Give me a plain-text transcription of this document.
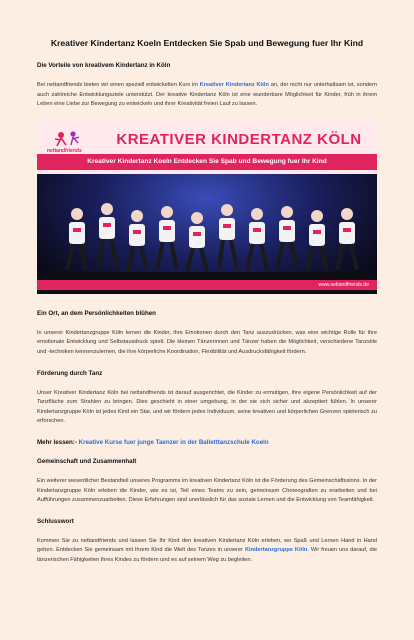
Kreativer Kindertanz Koeln Entdecken Sie Spab und Bewegung fuer Ihr Kind
Die Vorteile von kreativem Kindertanz in Köln

Bei nettandfriends bieten wir einen speziell entwickelten Kurs im Kreativer Kindertanz Köln an, der nicht nur unterhaltsam ist, sondern auch zahlreiche Entwicklungsziele unterstützt. Der kreative Kindertanz Köln ist eine wunderbare Möglichkeit für Kinder, früh in ihrem Leben eine Liebe zur Bewegung zu entwickeln und ihrer Kreativität freien Lauf zu lassen.

nettandfriends
KREATIVER KINDERTANZ KÖLN
Kreativer Kindertanz Koeln Entdecken Sie Spab und Bewegung fuer Ihr Kind
www.nettandfriends.de
Ein Ort, an dem Persönlichkeiten blühen

In unserer Kindertanzgruppe Köln lernen die Kinder, ihre Emotionen durch den Tanz auszudrücken, was eine wichtige Rolle für ihre emotionale Entwicklung und Selbstausdruck spielt. Die kleinen Tänzerinnen und Tänzer haben die Möglichkeit, verschiedene Tanzstile und -techniken kennenzulernen, die ihre körperliche Koordination, Flexibilität und Ausdrucksfähigkeit fördern.

Förderung durch Tanz

Unser Kreativer Kindertanz Köln bei nettandfriends ist darauf ausgerichtet, die Kinder zu ermutigen, ihre eigene Persönlichkeit auf der Tanzfläche zum Strahlen zu bringen. Dies geschieht in einer umgebung, in der sie sich sicher und akzeptiert fühlen. In unserer Kindertanzgruppe Köln ist jedes Kind ein Star, und wir fördern jedes Individuum, seine kreativen und körperlichen Grenzen spielerisch zu erforschen.

Mehr lessen:- Kreative Kurse fuer junge Taenzer in der Balletttanzschule Koeln
Gemeinschaft und Zusammenhalt

Ein weiterer wesentlicher Bestandteil unseres Programms im kreativen Kindertanz Köln ist die Förderung des Gemeinschaftssinns. In der Kindertanzgruppe Köln erleben die Kinder, wie es ist, Teil eines Teams zu sein, gemeinsam Choreografien zu erarbeiten und bei Aufführungen zusammenzuarbeiten. Diese Erfahrungen sind unerlässlich für das soziale Lernen und die Entwicklung von Teamfähigkeit.

Schlusswort

Kommen Sie zu nettandfriends und lassen Sie Ihr Kind den kreativen Kindertanz Köln erleben, wo Spaß und Lernen Hand in Hand gehen. Entdecken Sie gemeinsam mit Ihrem Kind die Welt des Tanzes in unserer Kindertanzgruppe Köln. Wir freuen uns darauf, die tänzerischen Fähigkeiten Ihres Kindes zu fördern und es auf seinem Weg zu begleiten.
